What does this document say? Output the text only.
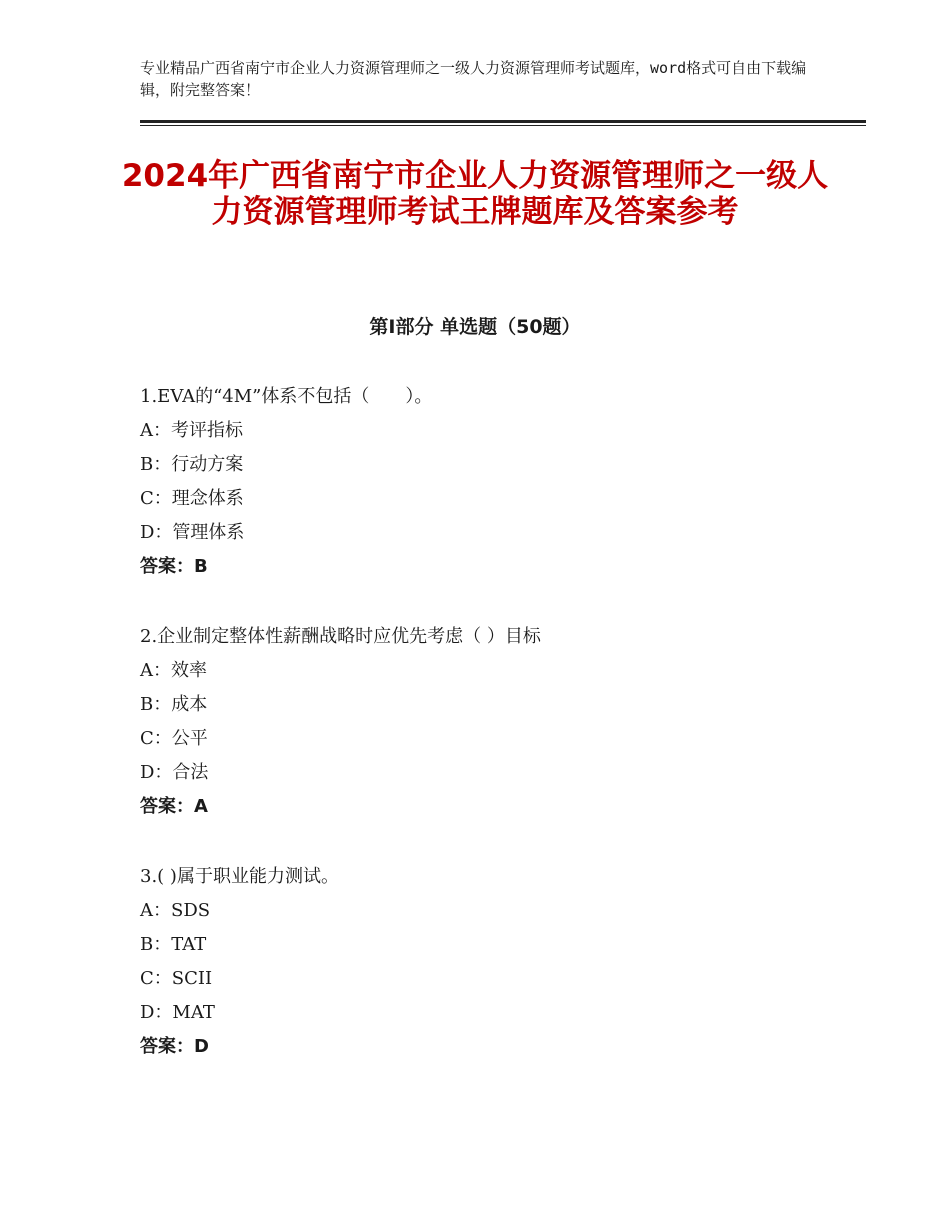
专业精品广西省南宁市企业人力资源管理师之一级人力资源管理师考试题库，word格式可自由下载编辑，附完整答案！
2024年广西省南宁市企业人力资源管理师之一级人力资源管理师考试王牌题库及答案参考
第Ⅰ部分 单选题（50题）
1.EVA的“4M”体系不包括（　　）。
A：考评指标
B：行动方案
C：理念体系
D：管理体系
答案：B
2.企业制定整体性薪酬战略时应优先考虑（ ）目标
A：效率
B：成本
C：公平
D：合法
答案：A
3.( )属于职业能力测试。
A：SDS
B：TAT
C：SCII
D：MAT
答案：D
